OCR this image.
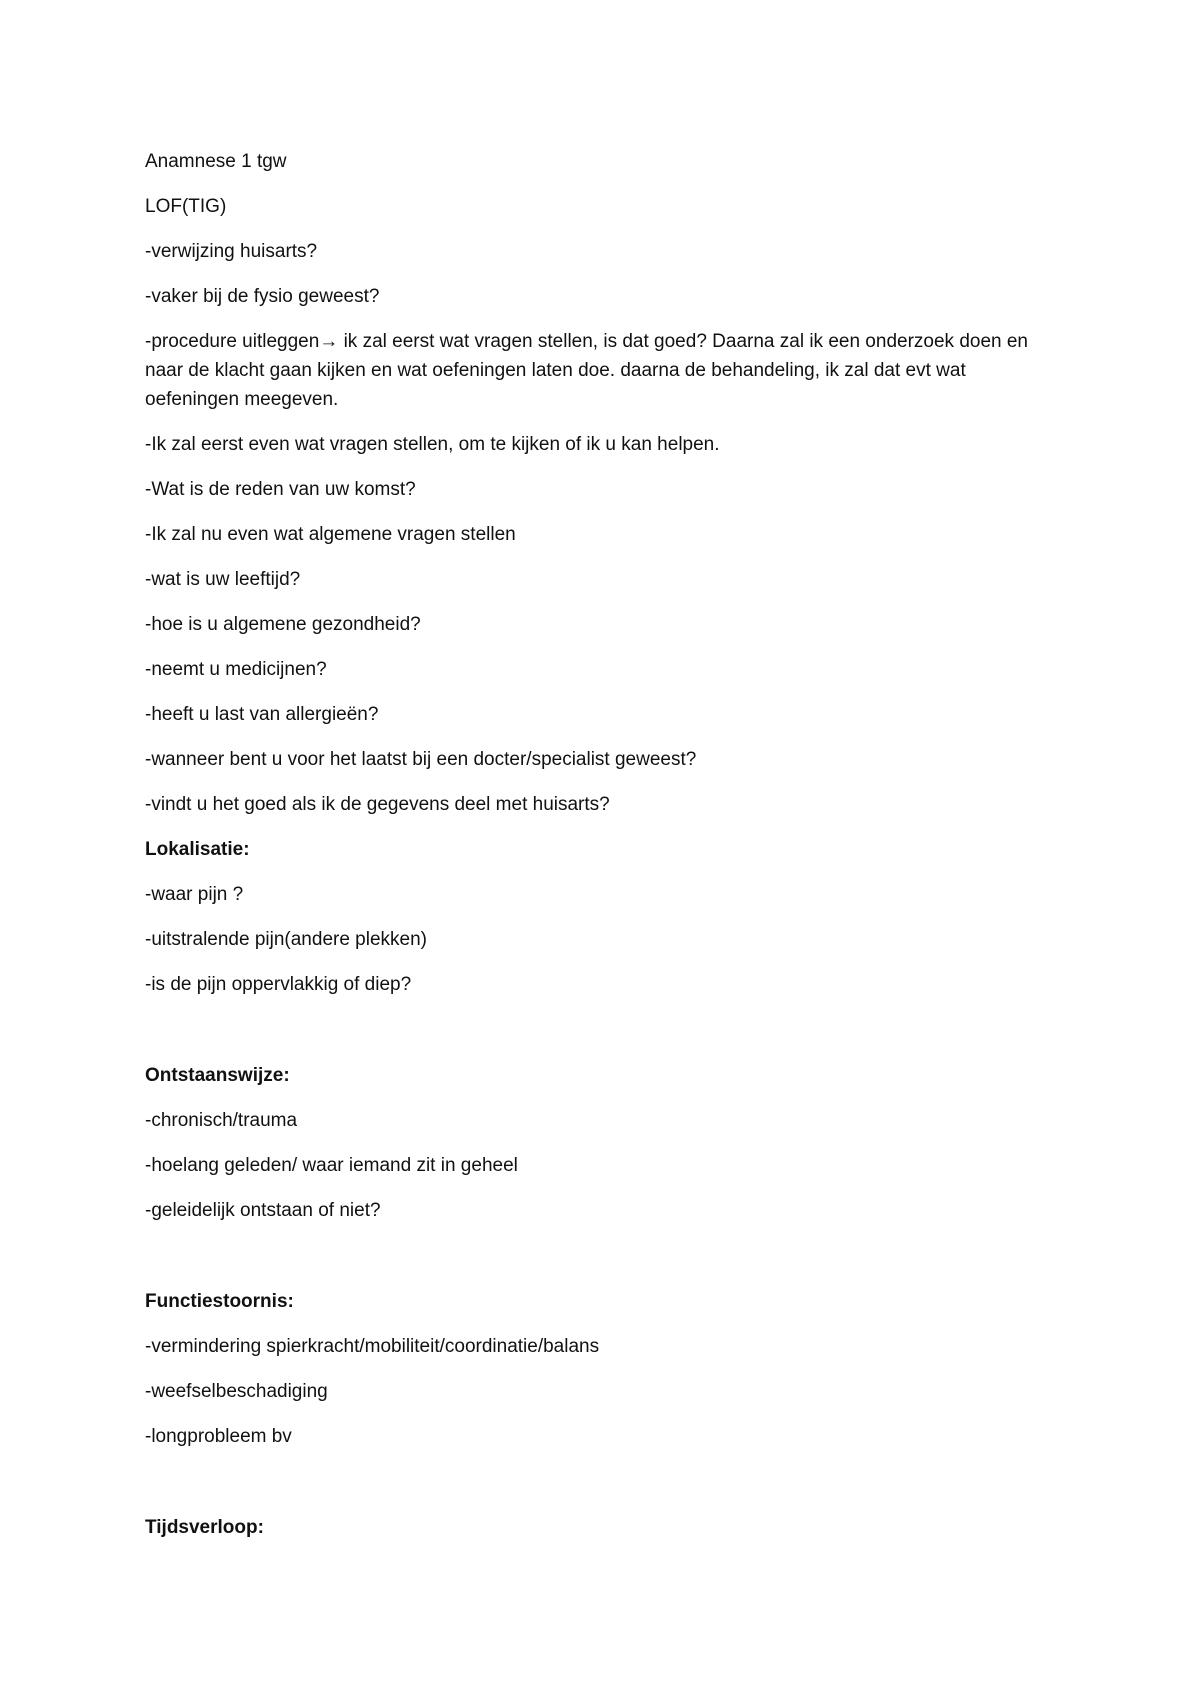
Anamnese 1 tgw

LOF(TIG)

-verwijzing huisarts?

-vaker bij de fysio geweest?

-procedure uitleggen→ ik zal eerst wat vragen stellen, is dat goed? Daarna zal ik een onderzoek doen en naar de klacht gaan kijken en wat oefeningen laten doe. daarna de behandeling, ik zal dat evt wat oefeningen meegeven.

-Ik zal eerst even wat vragen stellen, om te kijken of ik u kan helpen.

-Wat is de reden van uw komst?

-Ik zal nu even wat algemene vragen stellen

-wat is uw leeftijd?

-hoe is u algemene gezondheid?

-neemt u medicijnen?

-heeft u last van allergieën?

-wanneer bent u voor het laatst bij een docter/specialist geweest?

-vindt u het goed als ik de gegevens deel met huisarts?

Lokalisatie:

-waar pijn ?

-uitstralende pijn(andere plekken)

-is de pijn oppervlakkig of diep?

Ontstaanswijze:

-chronisch/trauma

-hoelang geleden/ waar iemand zit in geheel

-geleidelijk ontstaan of niet?

Functiestoornis:

-vermindering spierkracht/mobiliteit/coordinatie/balans

-weefselbeschadiging

-longprobleem bv

Tijdsverloop:
